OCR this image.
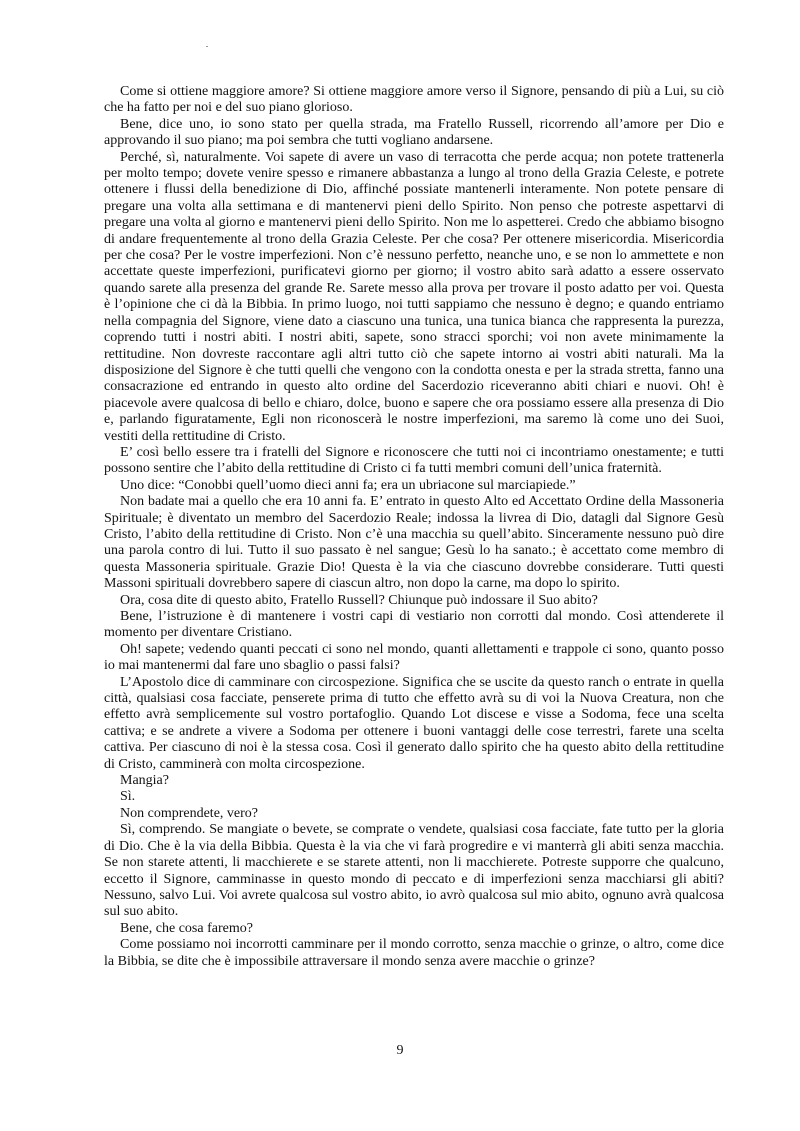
Come si ottiene maggiore amore? Si ottiene maggiore amore verso il Signore, pensando di più a Lui, su ciò che ha fatto per noi e del suo piano glorioso.

Bene, dice uno, io sono stato per quella strada, ma Fratello Russell, ricorrendo all’amore per Dio e approvando il suo piano; ma poi sembra che tutti vogliano andarsene.

Perché, sì, naturalmente. Voi sapete di avere un vaso di terracotta che perde acqua; non potete trattenerla per molto tempo; dovete venire spesso e rimanere abbastanza a lungo al trono della Grazia Celeste, e potrete ottenere i flussi della benedizione di Dio, affinché possiate mantenerli interamente. Non potete pensare di pregare una volta alla settimana e di mantenervi pieni dello Spirito. Non penso che potreste aspettarvi di pregare una volta al giorno e mantenervi pieni dello Spirito. Non me lo aspetterei. Credo che abbiamo bisogno di andare frequentemente al trono della Grazia Celeste. Per che cosa? Per ottenere misericordia. Misericordia per che cosa? Per le vostre imperfezioni. Non c’è nessuno perfetto, neanche uno, e se non lo ammettete e non accettate queste imperfezioni, purificatevi giorno per giorno; il vostro abito sarà adatto a essere osservato quando sarete alla presenza del grande Re. Sarete messo alla prova per trovare il posto adatto per voi. Questa è l’opinione che ci dà la Bibbia. In primo luogo, noi tutti sappiamo che nessuno è degno; e quando entriamo nella compagnia del Signore, viene dato a ciascuno una tunica, una tunica bianca che rappresenta la purezza, coprendo tutti i nostri abiti. I nostri abiti, sapete, sono stracci sporchi; voi non avete minimamente la rettitudine. Non dovreste raccontare agli altri tutto ciò che sapete intorno ai vostri abiti naturali. Ma la disposizione del Signore è che tutti quelli che vengono con la condotta onesta e per la strada stretta, fanno una consacrazione ed entrando in questo alto ordine del Sacerdozio riceveranno abiti chiari e nuovi. Oh! è piacevole avere qualcosa di bello e chiaro, dolce, buono e sapere che ora possiamo essere alla presenza di Dio e, parlando figuratamente, Egli non riconoscerà le nostre imperfezioni, ma saremo là come uno dei Suoi, vestiti della rettitudine di Cristo.

E’ così bello essere tra i fratelli del Signore e riconoscere che tutti noi ci incontriamo onestamente; e tutti possono sentire che l’abito della rettitudine di Cristo ci fa tutti membri comuni dell’unica fraternità.

Uno dice: “Conobbi quell’uomo dieci anni fa; era un ubriacone sul marciapiede.”

Non badate mai a quello che era 10 anni fa. E’ entrato in questo Alto ed Accettato Ordine della Massoneria Spirituale; è diventato un membro del Sacerdozio Reale; indossa la livrea di Dio, datagli dal Signore Gesù Cristo, l’abito della rettitudine di Cristo. Non c’è una macchia su quell’abito. Sinceramente nessuno può dire una parola contro di lui. Tutto il suo passato è nel sangue; Gesù lo ha sanato.; è accettato come membro di questa Massoneria spirituale. Grazie Dio! Questa è la via che ciascuno dovrebbe considerare. Tutti questi Massoni spirituali dovrebbero sapere di ciascun altro, non dopo la carne, ma dopo lo spirito.

Ora, cosa dite di questo abito, Fratello Russell? Chiunque può indossare il Suo abito?

Bene, l’istruzione è di mantenere i vostri capi di vestiario non corrotti dal mondo. Così attenderete il momento per diventare Cristiano.

Oh! sapete; vedendo quanti peccati ci sono nel mondo, quanti allettamenti e trappole ci sono, quanto posso io mai mantenermi dal fare uno sbaglio o passi falsi?

L’Apostolo dice di camminare con circospezione. Significa che se uscite da questo ranch o entrate in quella città, qualsiasi cosa facciate, penserete prima di tutto che effetto avrà su di voi la Nuova Creatura, non che effetto avrà semplicemente sul vostro portafoglio. Quando Lot discese e visse a Sodoma, fece una scelta cattiva; e se andrete a vivere a Sodoma per ottenere i buoni vantaggi delle cose terrestri, farete una scelta cattiva. Per ciascuno di noi è la stessa cosa. Così il generato dallo spirito che ha questo abito della rettitudine di Cristo, camminerà con molta circospezione.

Mangia?

Sì.

Non comprendete, vero?

Sì, comprendo. Se mangiate o bevete, se comprate o vendete, qualsiasi cosa facciate, fate tutto per la gloria di Dio. Che è la via della Bibbia. Questa è la via che vi farà progredire e vi manterrà gli abiti senza macchia. Se non starete attenti, li macchierete e se starete attenti, non li macchierete. Potreste supporre che qualcuno, eccetto il Signore, camminasse in questo mondo di peccato e di imperfezioni senza macchiarsi gli abiti? Nessuno, salvo Lui. Voi avrete qualcosa sul vostro abito, io avrò qualcosa sul mio abito, ognuno avrà qualcosa sul suo abito.

Bene, che cosa faremo?

Come possiamo noi incorrotti camminare per il mondo corrotto, senza macchie o grinze, o altro, come dice la Bibbia, se dite che è impossibile attraversare il mondo senza avere macchie o grinze?

9
